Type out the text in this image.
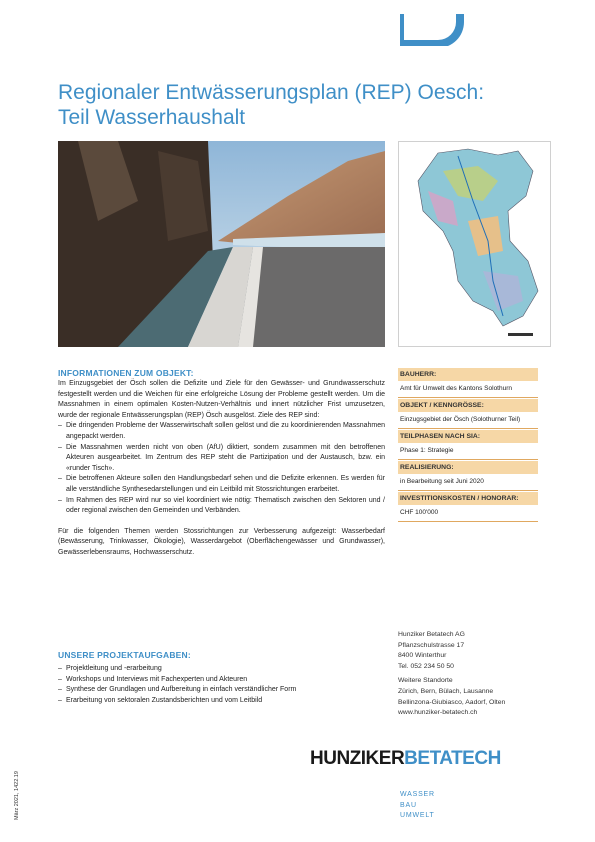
Regionaler Entwässerungsplan (REP) Oesch:
Teil Wasserhaushalt
INFORMATIONEN ZUM OBJEKT:

Im Einzugsgebiet der Ösch sollen die Defizite und Ziele für den Gewässer- und Grundwasserschutz festgestellt werden und die Weichen für eine erfolgreiche Lösung der Probleme gestellt werden. Um die Massnahmen in einem optimalen Kosten-Nutzen-Verhältnis und innert nützlicher Frist umzusetzen, wurde der regionale Entwässerungsplan (REP) Ösch ausgelöst. Ziele des REP sind:

– Die dringenden Probleme der Wasserwirtschaft sollen gelöst und die zu koordinierenden Massnahmen angepackt werden.
– Die Massnahmen werden nicht von oben (AfU) diktiert, sondern zusammen mit den betroffenen Akteuren ausgearbeitet. Im Zentrum des REP steht die Partizipation und der Austausch, bzw. ein «runder Tisch».
– Die betroffenen Akteure sollen den Handlungsbedarf sehen und die Defizite erkennen. Es werden für alle verständliche Synthesedarstellungen und ein Leitbild mit Stossrichtungen erarbeitet.
– Im Rahmen des REP wird nur so viel koordiniert wie nötig: Thematisch zwischen den Sektoren und / oder regional zwischen den Gemeinden und Verbänden.

Für die folgenden Themen werden Stossrichtungen zur Verbesserung aufgezeigt: Wasserbedarf (Bewässerung, Trinkwasser, Ökologie), Wasserdargebot (Oberflächengewässer und Grundwasser), Gewässerlebensraums, Hochwasserschutz.

UNSERE PROJEKTAUFGABEN:
– Projektleitung und -erarbeitung
– Workshops und Interviews mit Fachexperten und Akteuren
– Synthese der Grundlagen und Aufbereitung in einfach verständlicher Form
– Erarbeitung von sektoralen Zustandsberichten und vom Leitbild
BAUHERR:
Amt für Umwelt des Kantons Solothurn
OBJEKT / KENNGRÖSSE:
Einzugsgebiet der Ösch (Solothurner Teil)
TEILPHASEN NACH SIA:
Phase 1: Strategie
REALISIERUNG:
in Bearbeitung seit Juni 2020
INVESTITIONSKOSTEN / HONORAR:
CHF 100'000

Hunziker Betatech AG

Pflanzschulstrasse 17

8400 Winterthur

Tel. 052 234 50 50

Weitere Standorte

Zürich, Bern, Bülach, Lausanne

Bellinzona-Giubiasco, Aadorf, Olten

www.hunziker-betatech.ch

HUNZIKERBETATECH
WASSER
BAU
UMWELT
März 2021, 1422.19
